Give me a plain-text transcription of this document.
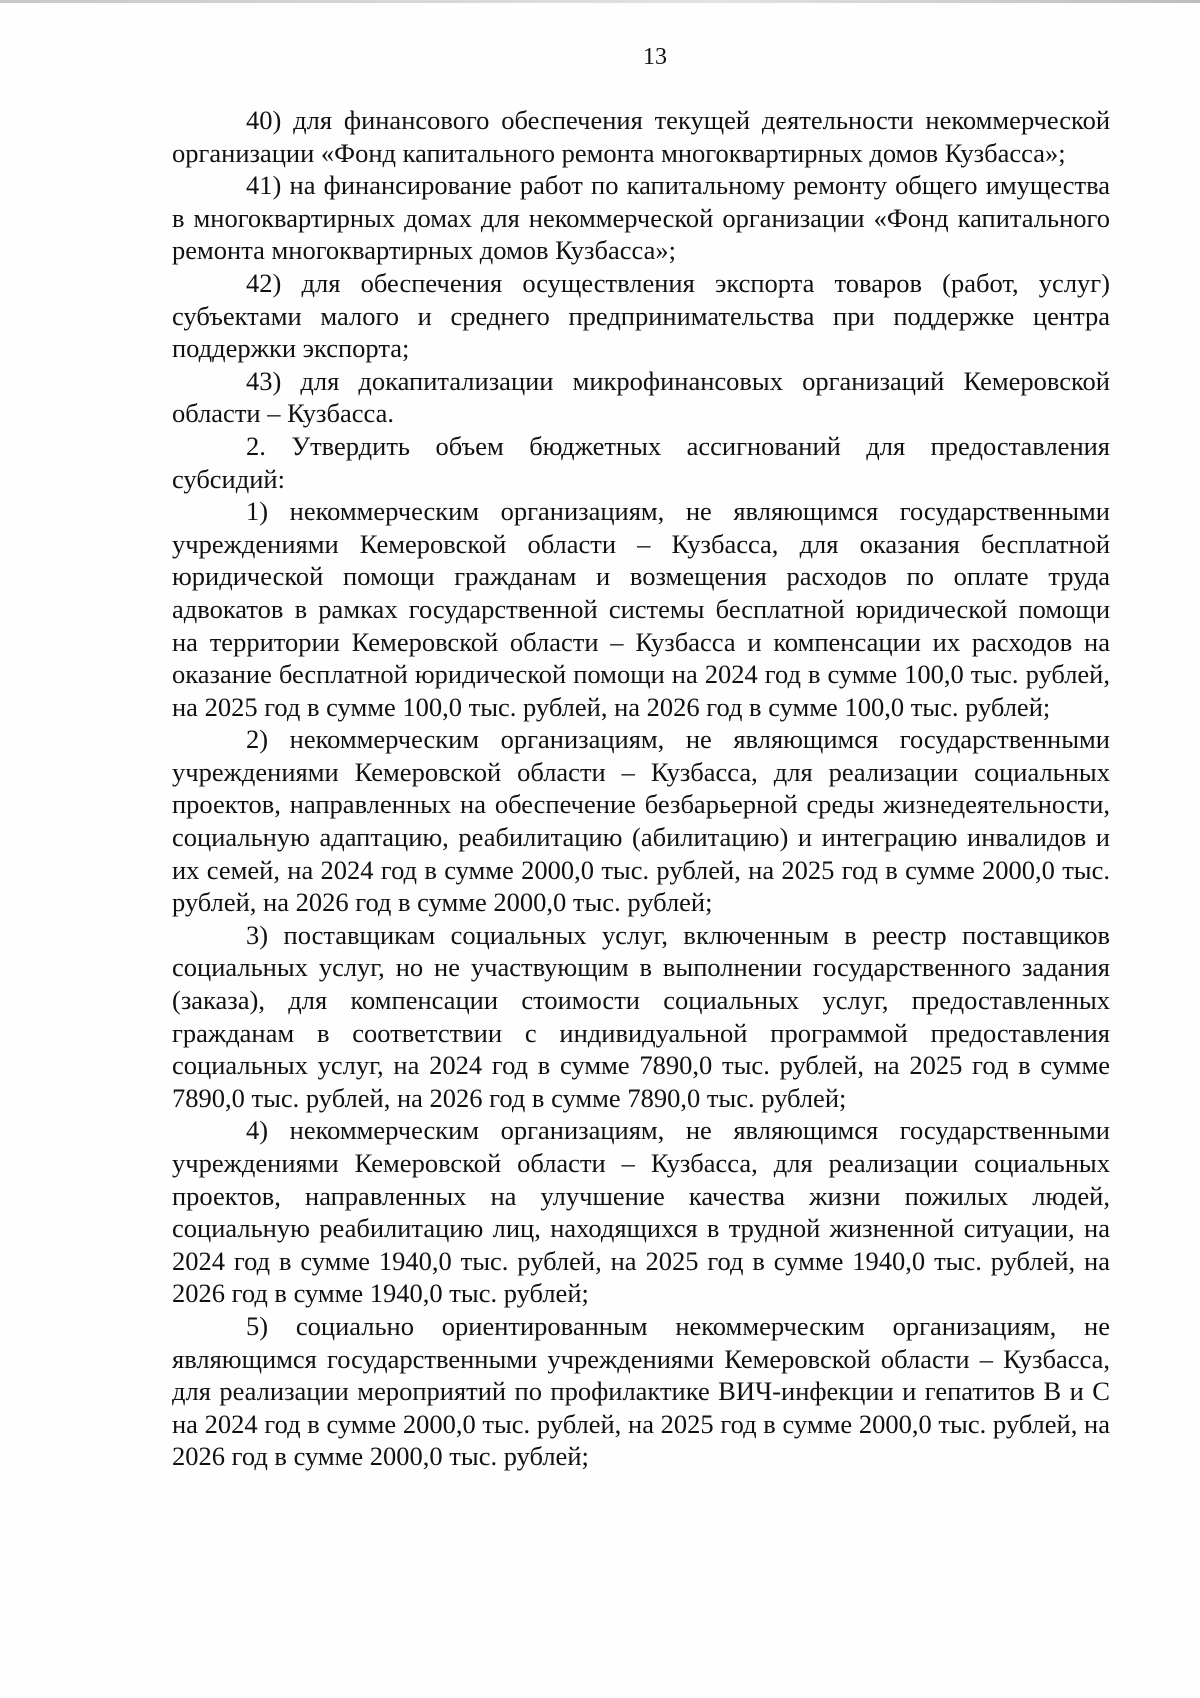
13

40) для финансового обеспечения текущей деятельности некоммерческой организации «Фонд капитального ремонта многоквартирных домов Кузбасса»;

41) на финансирование работ по капитальному ремонту общего имущества в многоквартирных домах для некоммерческой организации «Фонд капитального ремонта многоквартирных домов Кузбасса»;

42) для обеспечения осуществления экспорта товаров (работ, услуг) субъектами малого и среднего предпринимательства при поддержке центра поддержки экспорта;

43) для докапитализации микрофинансовых организаций Кемеровской области – Кузбасса.

2. Утвердить объем бюджетных ассигнований для предоставления субсидий:

1) некоммерческим организациям, не являющимся государственными учреждениями Кемеровской области – Кузбасса, для оказания бесплатной юридической помощи гражданам и возмещения расходов по оплате труда адвокатов в рамках государственной системы бесплатной юридической помощи на территории Кемеровской области – Кузбасса и компенсации их расходов на оказание бесплатной юридической помощи на 2024 год в сумме 100,0 тыс. рублей, на 2025 год в сумме 100,0 тыс. рублей, на 2026 год в сумме 100,0 тыс. рублей;

2) некоммерческим организациям, не являющимся государственными учреждениями Кемеровской области – Кузбасса, для реализации социальных проектов, направленных на обеспечение безбарьерной среды жизнедеятельности, социальную адаптацию, реабилитацию (абилитацию) и интеграцию инвалидов и их семей, на 2024 год в сумме 2000,0 тыс. рублей, на 2025 год в сумме 2000,0 тыс. рублей, на 2026 год в сумме 2000,0 тыс. рублей;

3) поставщикам социальных услуг, включенным в реестр поставщиков социальных услуг, но не участвующим в выполнении государственного задания (заказа), для компенсации стоимости социальных услуг, предоставленных гражданам в соответствии с индивидуальной программой предоставления социальных услуг, на 2024 год в сумме 7890,0 тыс. рублей, на 2025 год в сумме 7890,0 тыс. рублей, на 2026 год в сумме 7890,0 тыс. рублей;

4) некоммерческим организациям, не являющимся государственными учреждениями Кемеровской области – Кузбасса, для реализации социальных проектов, направленных на улучшение качества жизни пожилых людей, социальную реабилитацию лиц, находящихся в трудной жизненной ситуации, на 2024 год в сумме 1940,0 тыс. рублей, на 2025 год в сумме 1940,0 тыс. рублей, на 2026 год в сумме 1940,0 тыс. рублей;

5) социально ориентированным некоммерческим организациям, не являющимся государственными учреждениями Кемеровской области – Кузбасса, для реализации мероприятий по профилактике ВИЧ-инфекции и гепатитов В и С на 2024 год в сумме 2000,0 тыс. рублей, на 2025 год в сумме 2000,0 тыс. рублей, на 2026 год в сумме 2000,0 тыс. рублей;
